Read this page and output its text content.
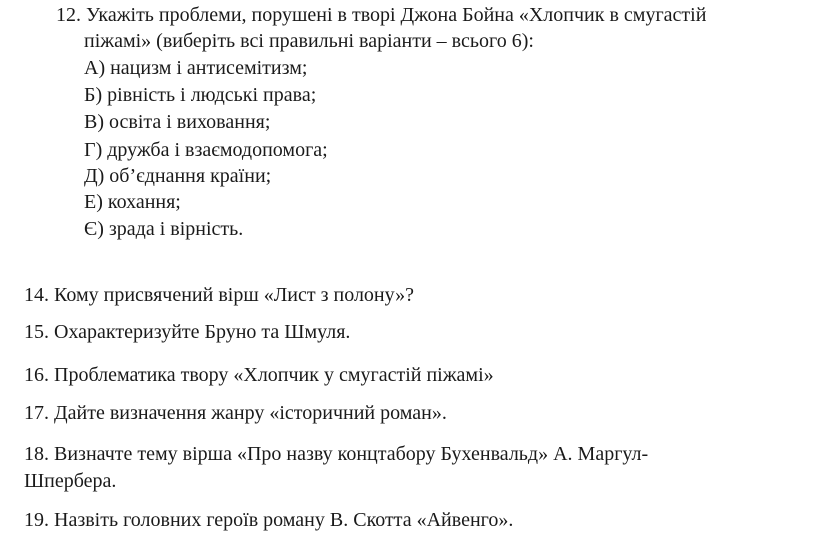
12. Укажіть проблеми, порушені в творі Джона Бойна «Хлопчик в смугастій
піжамі» (виберіть всі правильні варіанти – всього 6):
А) нацизм і антисемітизм;
Б) рівність і людські права;
В) освіта і виховання;
Г) дружба і взаємодопомога;
Д) об’єднання країни;
Е) кохання;
Є) зрада і вірність.
14. Кому присвячений вірш «Лист з полону»?
15. Охарактеризуйте Бруно та Шмуля.
16. Проблематика твору «Хлопчик у смугастій піжамі»
17. Дайте визначення жанру «історичний роман».
18. Визначте тему вірша «Про назву концтабору Бухенвальд» А. Маргул-
Шпербера.
19. Назвіть головних героїв роману В. Скотта «Айвенго».
